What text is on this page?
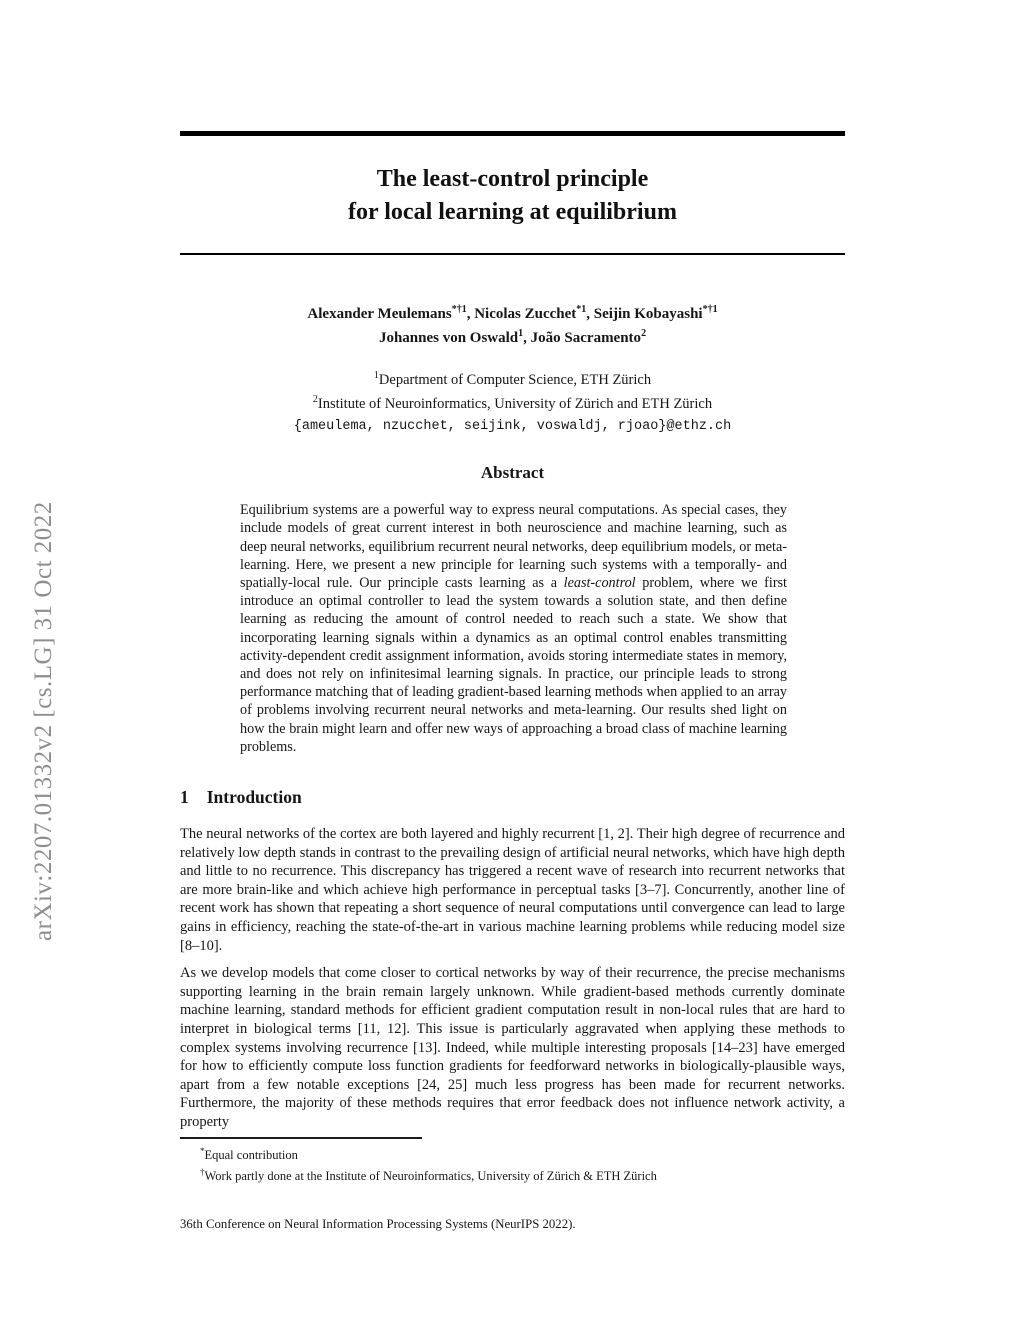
arXiv:2207.01332v2 [cs.LG] 31 Oct 2022
The least-control principle
for local learning at equilibrium
Alexander Meulemans$^{*\dagger 1}$, Nicolas Zucchet$^{*1}$, Seijin Kobayashi$^{*\dagger 1}$
Johannes von Oswald$^1$, João Sacramento$^2$
$^1$Department of Computer Science, ETH Zürich
$^2$Institute of Neuroinformatics, University of Zürich and ETH Zürich
{ameulema, nzucchet, seijink, voswaldj, rjoao}@ethz.ch
Abstract

Equilibrium systems are a powerful way to express neural computations. As special cases, they include models of great current interest in both neuroscience and machine learning, such as deep neural networks, equilibrium recurrent neural networks, deep equilibrium models, or meta-learning. Here, we present a new principle for learning such systems with a temporally- and spatially-local rule. Our principle casts learning as a least-control problem, where we first introduce an optimal controller to lead the system towards a solution state, and then define learning as reducing the amount of control needed to reach such a state. We show that incorporating learning signals within a dynamics as an optimal control enables transmitting activity-dependent credit assignment information, avoids storing intermediate states in memory, and does not rely on infinitesimal learning signals. In practice, our principle leads to strong performance matching that of leading gradient-based learning methods when applied to an array of problems involving recurrent neural networks and meta-learning. Our results shed light on how the brain might learn and offer new ways of approaching a broad class of machine learning problems.

1 Introduction

The neural networks of the cortex are both layered and highly recurrent [1, 2]. Their high degree of recurrence and relatively low depth stands in contrast to the prevailing design of artificial neural networks, which have high depth and little to no recurrence. This discrepancy has triggered a recent wave of research into recurrent networks that are more brain-like and which achieve high performance in perceptual tasks [3–7]. Concurrently, another line of recent work has shown that repeating a short sequence of neural computations until convergence can lead to large gains in efficiency, reaching the state-of-the-art in various machine learning problems while reducing model size [8–10].

As we develop models that come closer to cortical networks by way of their recurrence, the precise mechanisms supporting learning in the brain remain largely unknown. While gradient-based methods currently dominate machine learning, standard methods for efficient gradient computation result in non-local rules that are hard to interpret in biological terms [11, 12]. This issue is particularly aggravated when applying these methods to complex systems involving recurrence [13]. Indeed, while multiple interesting proposals [14–23] have emerged for how to efficiently compute loss function gradients for feedforward networks in biologically-plausible ways, apart from a few notable exceptions [24, 25] much less progress has been made for recurrent networks. Furthermore, the majority of these methods requires that error feedback does not influence network activity, a property

*Equal contribution
†Work partly done at the Institute of Neuroinformatics, University of Zürich & ETH Zürich
36th Conference on Neural Information Processing Systems (NeurIPS 2022).
